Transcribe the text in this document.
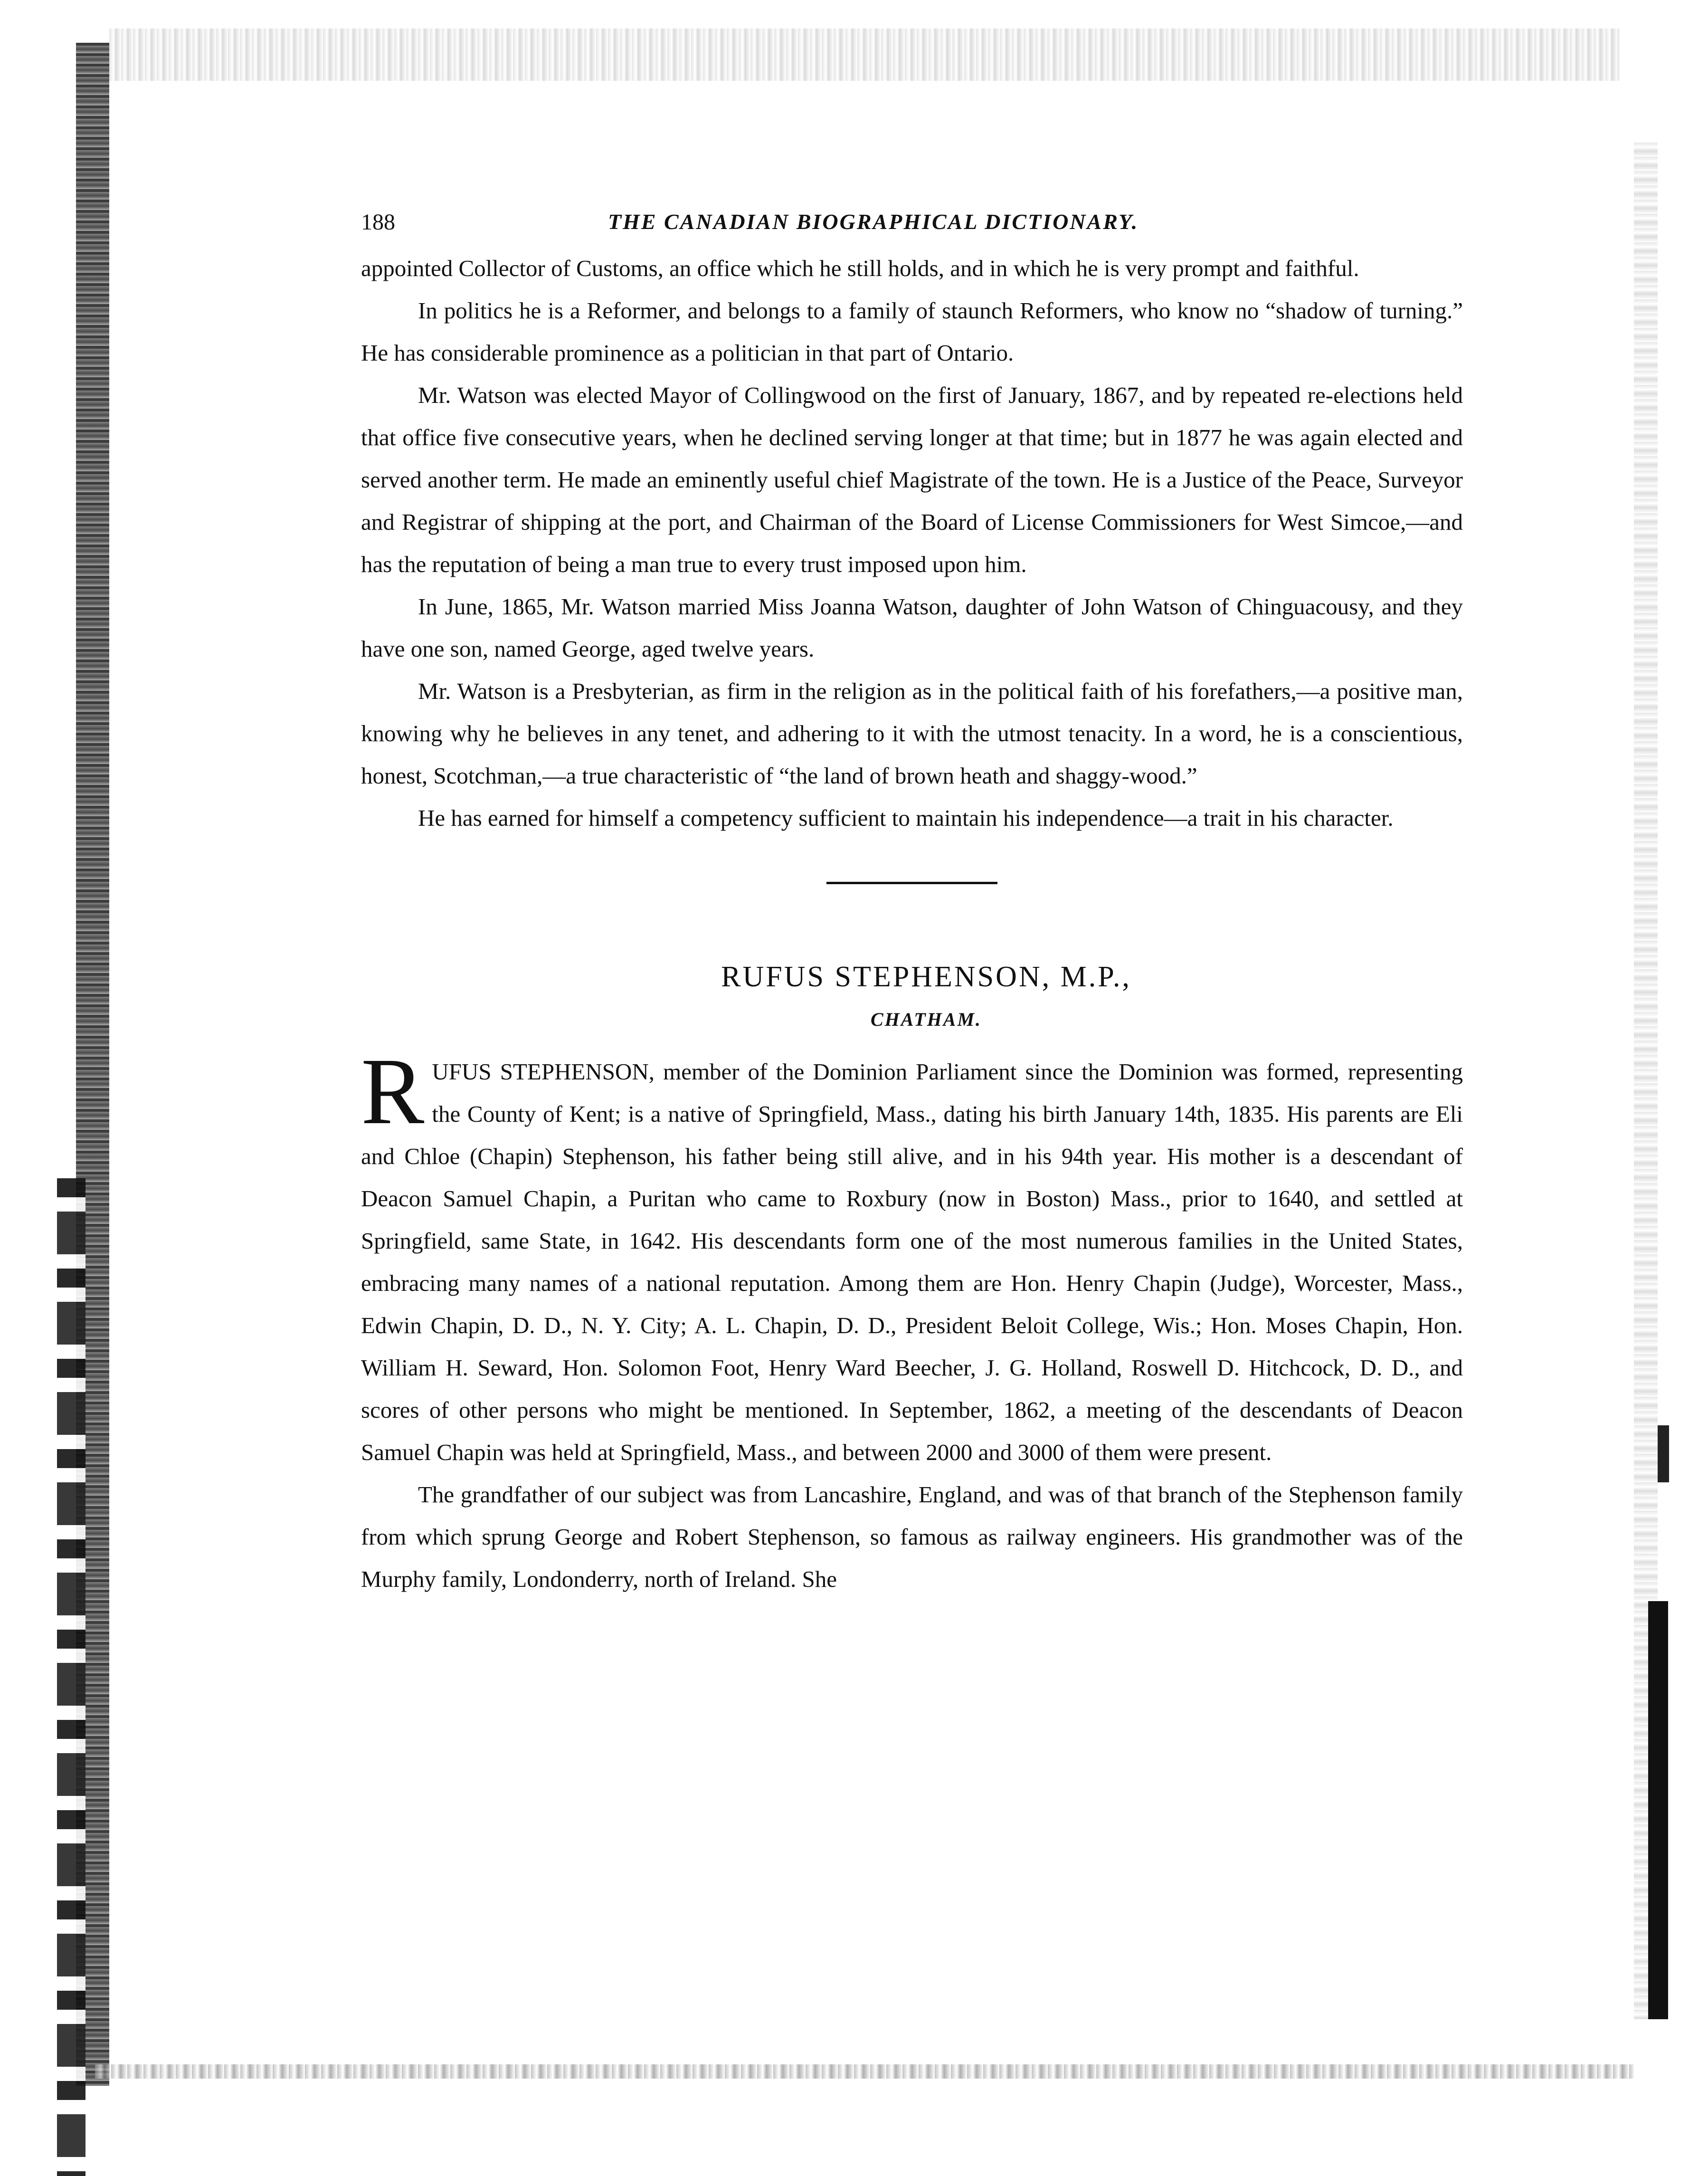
188	THE CANADIAN BIOGRAPHICAL DICTIONARY.

appointed Collector of Customs, an office which he still holds, and in which he is very prompt and faithful.

In politics he is a Reformer, and belongs to a family of staunch Reformers, who know no “shadow of turning.” He has considerable prominence as a politician in that part of Ontario.

Mr. Watson was elected Mayor of Collingwood on the first of January, 1867, and by repeated re-elections held that office five consecutive years, when he declined serving longer at that time; but in 1877 he was again elected and served another term. He made an eminently useful chief Magistrate of the town. He is a Justice of the Peace, Surveyor and Registrar of shipping at the port, and Chairman of the Board of License Commissioners for West Simcoe,—and has the reputation of being a man true to every trust imposed upon him.

In June, 1865, Mr. Watson married Miss Joanna Watson, daughter of John Watson of Chinguacousy, and they have one son, named George, aged twelve years.

Mr. Watson is a Presbyterian, as firm in the religion as in the political faith of his forefathers,—a positive man, knowing why he believes in any tenet, and adhering to it with the utmost tenacity. In a word, he is a conscientious, honest, Scotchman,—a true characteristic of “the land of brown heath and shaggy-wood.”

He has earned for himself a competency sufficient to maintain his independence—a trait in his character.

RUFUS STEPHENSON, M.P.,
CHATHAM.

RUFUS STEPHENSON, member of the Dominion Parliament since the Dominion was formed, representing the County of Kent; is a native of Springfield, Mass., dating his birth January 14th, 1835. His parents are Eli and Chloe (Chapin) Stephenson, his father being still alive, and in his 94th year. His mother is a descendant of Deacon Samuel Chapin, a Puritan who came to Roxbury (now in Boston) Mass., prior to 1640, and settled at Springfield, same State, in 1642. His descendants form one of the most numerous families in the United States, embracing many names of a national reputation. Among them are Hon. Henry Chapin (Judge), Worcester, Mass., Edwin Chapin, D. D., N. Y. City; A. L. Chapin, D. D., President Beloit College, Wis.; Hon. Moses Chapin, Hon. William H. Seward, Hon. Solomon Foot, Henry Ward Beecher, J. G. Holland, Roswell D. Hitchcock, D. D., and scores of other persons who might be mentioned. In September, 1862, a meeting of the descendants of Deacon Samuel Chapin was held at Springfield, Mass., and between 2000 and 3000 of them were present.

The grandfather of our subject was from Lancashire, England, and was of that branch of the Stephenson family from which sprung George and Robert Stephenson, so famous as railway engineers. His grandmother was of the Murphy family, Londonderry, north of Ireland. She
